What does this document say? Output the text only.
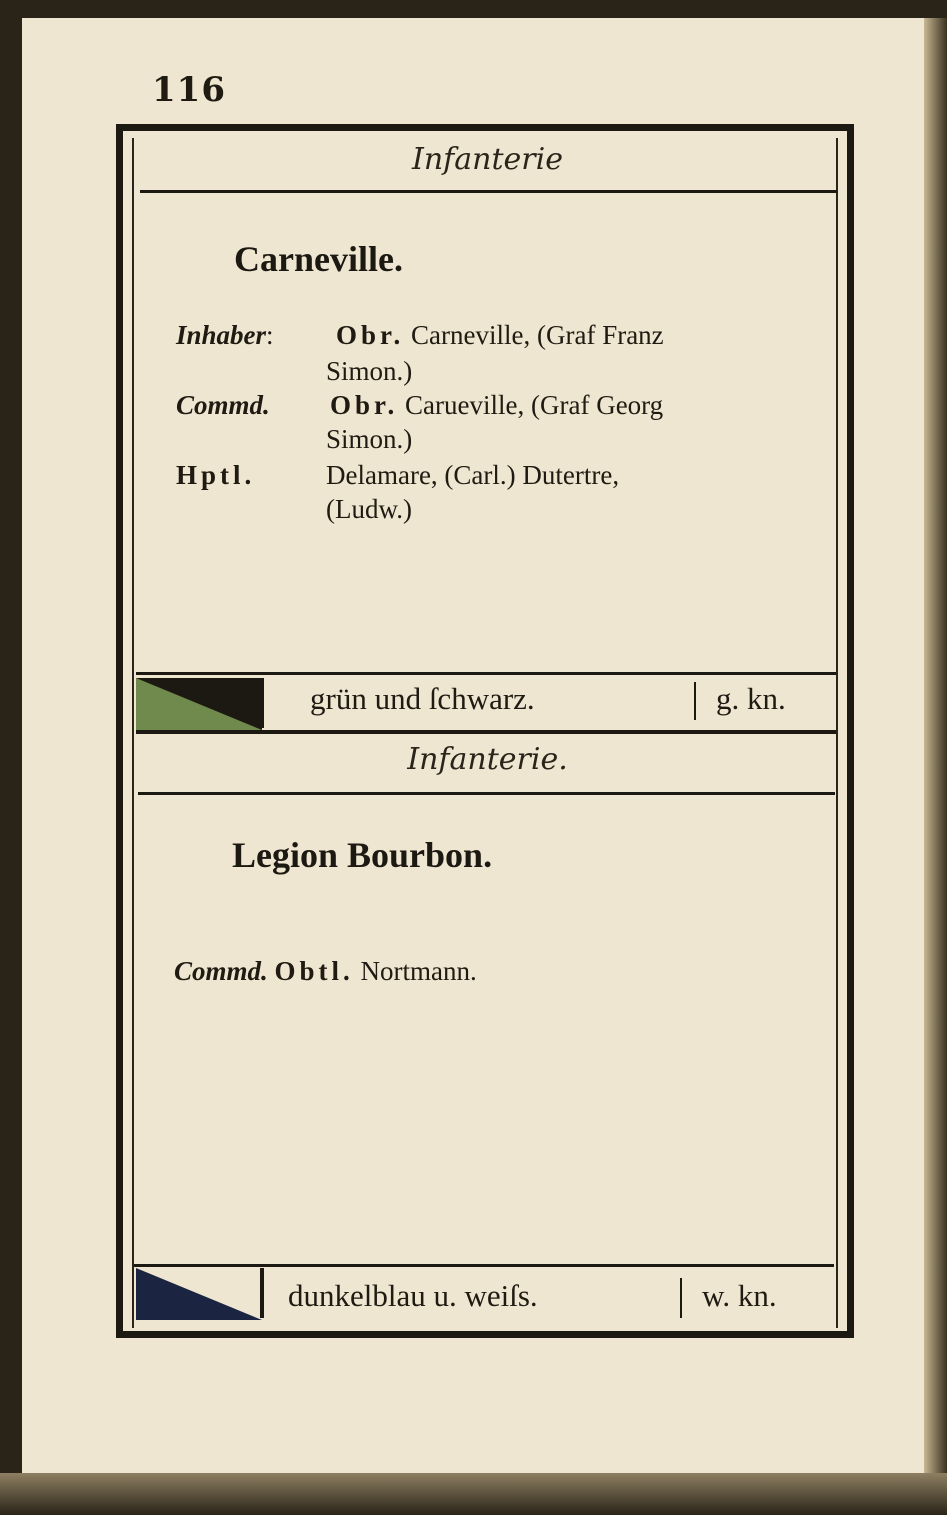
116
Infanterie
Carneville.
Inhaber: Obr. Carneville, (Graf Franz
Simon.)
Commd. Obr. Carueville, (Graf Georg
Simon.)
Hptl.	Delamare, (Carl.) Dutertre,
(Ludw.)
grün und ſchwarz.	g. kn.
Infanterie.
Legion Bourbon.
Commd. Obtl. Nortmann.
dunkelblau u. weiſs.	w. kn.
